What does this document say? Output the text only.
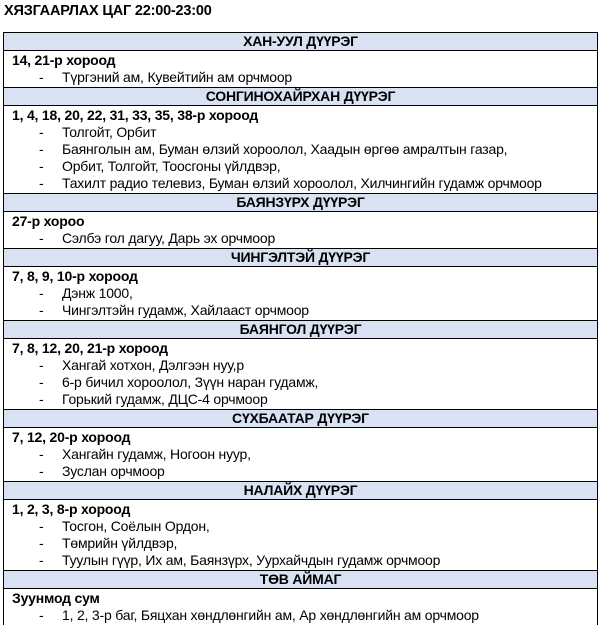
ХЯЗГААРЛАХ ЦАГ 22:00-23:00
ХАН-УУЛ ДҮҮРЭГ
14, 21-р хороод
- Түргэний ам, Кувейтийн ам орчмоор
СОНГИНОХАЙРХАН ДҮҮРЭГ
1, 4, 18, 20, 22, 31, 33, 35, 38-р хороод
- Толгойт, Орбит
- Баянголын ам, Буман өлзий хороолол, Хаадын өргөө амралтын газар,
- Орбит, Толгойт, Тоосгоны үйлдвэр,
- Тахилт радио телевиз, Буман өлзий хороолол, Хилчингийн гудамж орчмоор
БАЯНЗҮРХ ДҮҮРЭГ
27-р хороо
- Сэлбэ гол дагуу, Дарь эх орчмоор
ЧИНГЭЛТЭЙ ДҮҮРЭГ
7, 8, 9, 10-р хороод
- Дэнж 1000,
- Чингэлтэйн гудамж, Хайлааст орчмоор
БАЯНГОЛ ДҮҮРЭГ
7, 8, 12, 20, 21-р хороод
- Хангай хотхон, Дэлгээн нуу,р
- 6-р бичил хороолол, Зүүн наран гудамж,
- Горький гудамж, ДЦС-4 орчмоор
СҮХБААТАР ДҮҮРЭГ
7, 12, 20-р хороод
- Хангайн гудамж, Ногоон нуур,
- Зуслан орчмоор
НАЛАЙХ ДҮҮРЭГ
1, 2, 3, 8-р хороод
- Тосгон, Соёлын Ордон,
- Төмрийн үйлдвэр,
- Туулын гүүр, Их ам, Баянзүрх, Уурхайчдын гудамж орчмоор
ТӨВ АЙМАГ
Зуунмод сум
- 1, 2, 3-р баг, Бяцхан хөндлөнгийн ам, Ар хөндлөнгийн ам орчмоор
